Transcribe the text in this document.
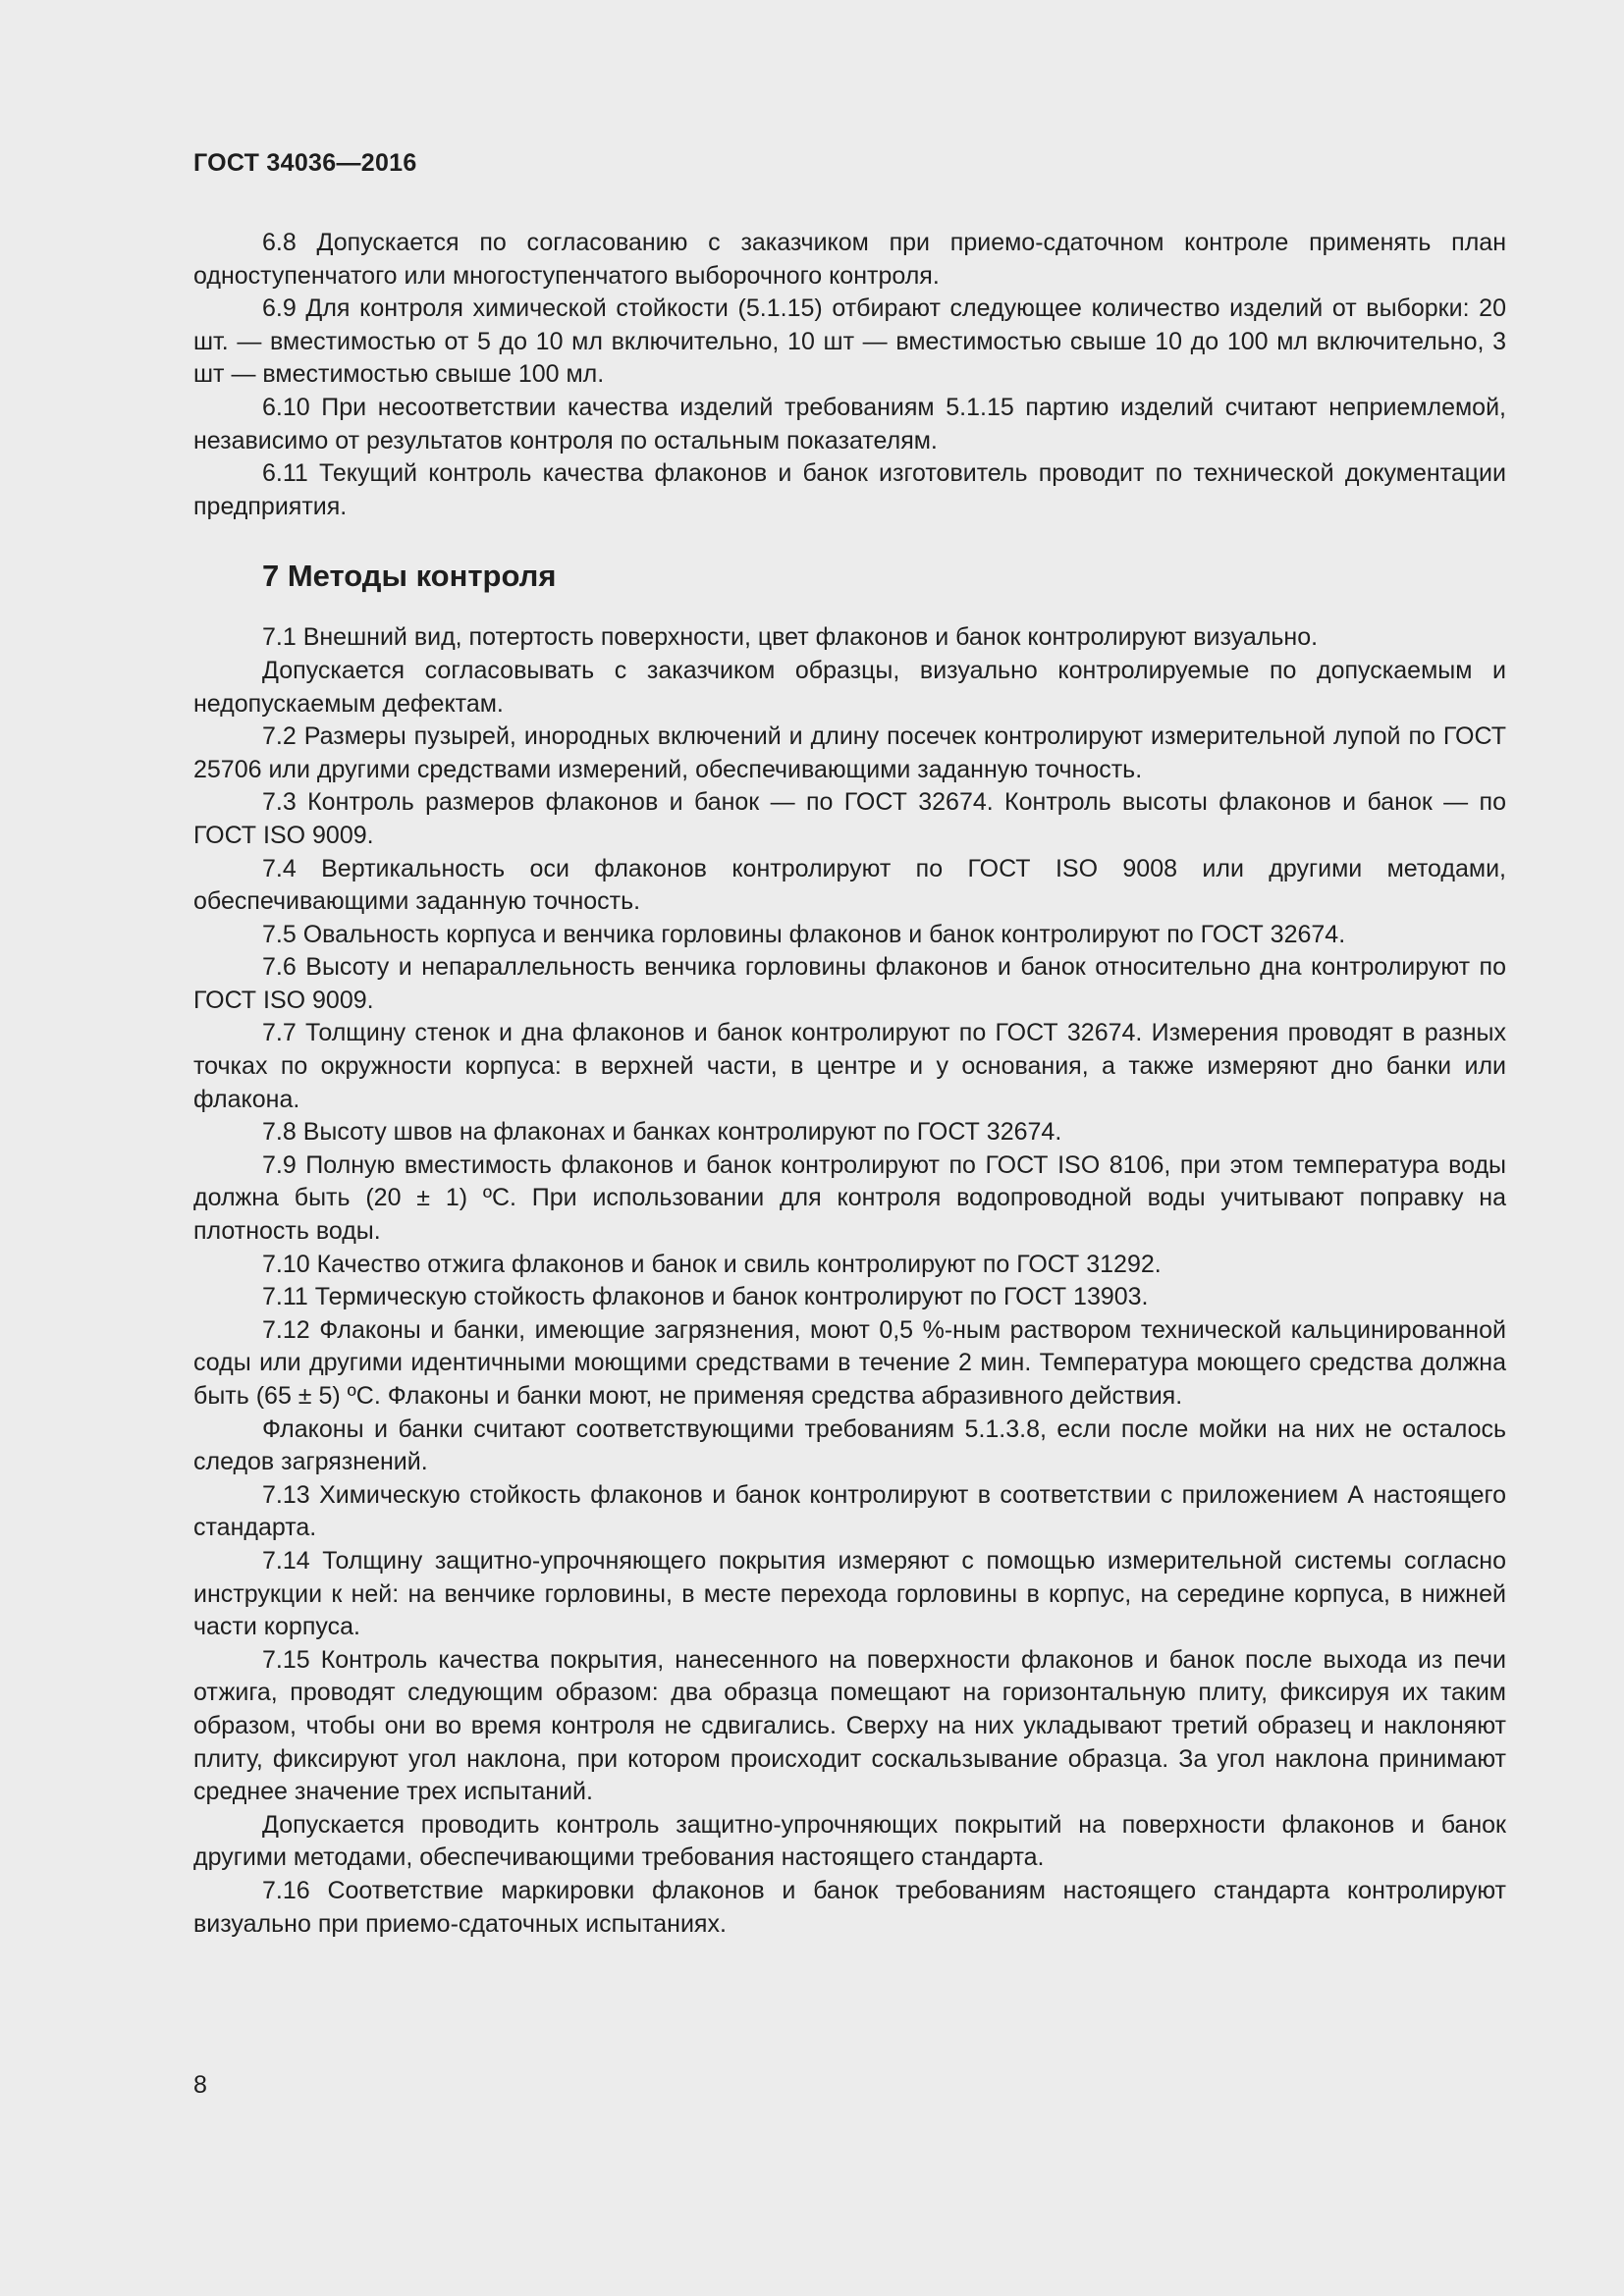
ГОСТ 34036—2016

6.8 Допускается по согласованию с заказчиком при приемо-сдаточном контроле применять план одноступенчатого или многоступенчатого выборочного контроля.

6.9 Для контроля химической стойкости (5.1.15) отбирают следующее количество изделий от выборки: 20 шт. — вместимостью от 5 до 10 мл включительно, 10 шт — вместимостью свыше 10 до 100 мл включительно, 3 шт — вместимостью свыше 100 мл.

6.10 При несоответствии качества изделий требованиям 5.1.15 партию изделий считают неприемлемой, независимо от результатов контроля по остальным показателям.

6.11 Текущий контроль качества флаконов и банок изготовитель проводит по технической документации предприятия.

7 Методы контроля

7.1 Внешний вид, потертость поверхности, цвет флаконов и банок контролируют визуально.

Допускается согласовывать с заказчиком образцы, визуально контролируемые по допускаемым и недопускаемым дефектам.

7.2 Размеры пузырей, инородных включений и длину посечек контролируют измерительной лупой по ГОСТ 25706 или другими средствами измерений, обеспечивающими заданную точность.

7.3 Контроль размеров флаконов и банок — по ГОСТ 32674. Контроль высоты флаконов и банок — по ГОСТ ISO 9009.

7.4 Вертикальность оси флаконов контролируют по ГОСТ ISO 9008 или другими методами, обеспечивающими заданную точность.

7.5 Овальность корпуса и венчика горловины флаконов и банок контролируют по ГОСТ 32674.

7.6 Высоту и непараллельность венчика горловины флаконов и банок относительно дна контролируют по ГОСТ ISO 9009.

7.7 Толщину стенок и дна флаконов и банок контролируют по ГОСТ 32674. Измерения проводят в разных точках по окружности корпуса: в верхней части, в центре и у основания, а также измеряют дно банки или флакона.

7.8 Высоту швов на флаконах и банках контролируют по ГОСТ 32674.

7.9 Полную вместимость флаконов и банок контролируют по ГОСТ ISO 8106, при этом температура воды должна быть (20 ± 1) ºС. При использовании для контроля водопроводной воды учитывают поправку на плотность воды.

7.10 Качество отжига флаконов и банок и свиль контролируют по ГОСТ 31292.

7.11 Термическую стойкость флаконов и банок контролируют по ГОСТ 13903.

7.12 Флаконы и банки, имеющие загрязнения, моют 0,5 %-ным раствором технической кальцинированной соды или другими идентичными моющими средствами в течение 2 мин. Температура моющего средства должна быть (65 ± 5) ºС. Флаконы и банки моют, не применяя средства абразивного действия.

Флаконы и банки считают соответствующими требованиям 5.1.3.8, если после мойки на них не осталось следов загрязнений.

7.13 Химическую стойкость флаконов и банок контролируют в соответствии с приложением А настоящего стандарта.

7.14 Толщину защитно-упрочняющего покрытия измеряют с помощью измерительной системы согласно инструкции к ней: на венчике горловины, в месте перехода горловины в корпус, на середине корпуса, в нижней части корпуса.

7.15 Контроль качества покрытия, нанесенного на поверхности флаконов и банок после выхода из печи отжига, проводят следующим образом: два образца помещают на горизонтальную плиту, фиксируя их таким образом, чтобы они во время контроля не сдвигались. Сверху на них укладывают третий образец и наклоняют плиту, фиксируют угол наклона, при котором происходит соскальзывание образца. За угол наклона принимают среднее значение трех испытаний.

Допускается проводить контроль защитно-упрочняющих покрытий на поверхности флаконов и банок другими методами, обеспечивающими требования настоящего стандарта.

7.16 Соответствие маркировки флаконов и банок требованиям настоящего стандарта контролируют визуально при приемо-сдаточных испытаниях.

8
